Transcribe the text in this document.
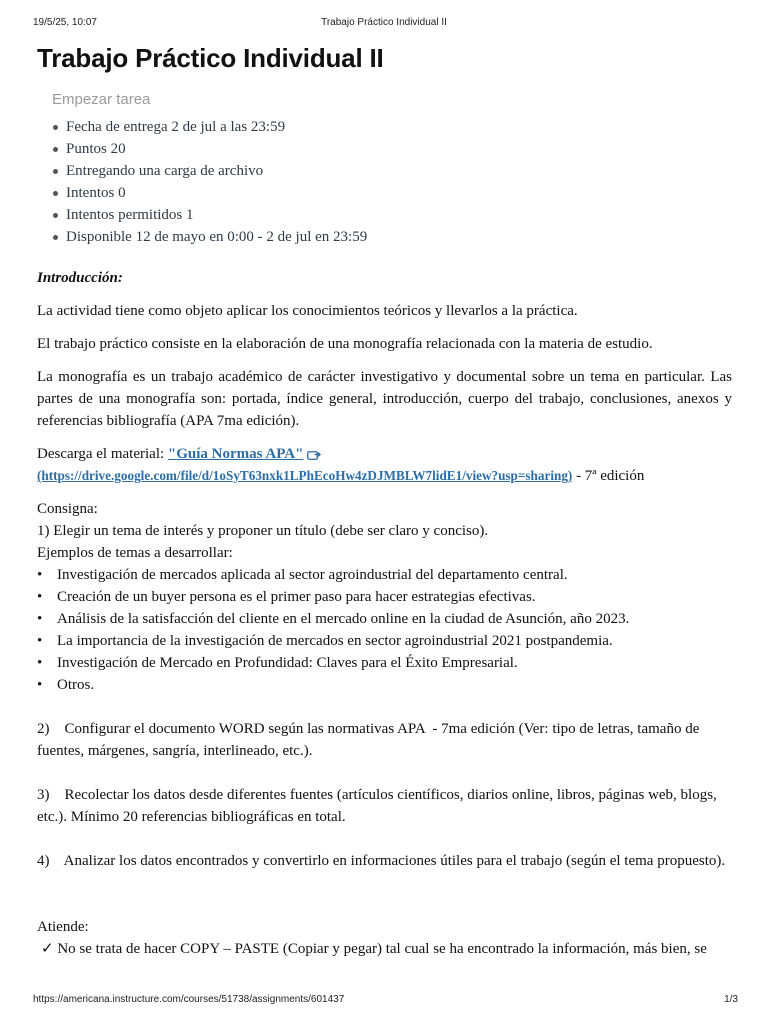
19/5/25, 10:07	Trabajo Práctico Individual II
Trabajo Práctico Individual II
Empezar tarea
Fecha de entrega 2 de jul a las 23:59
Puntos 20
Entregando una carga de archivo
Intentos 0
Intentos permitidos 1
Disponible 12 de mayo en 0:00 - 2 de jul en 23:59

Introducción:

La actividad tiene como objeto aplicar los conocimientos teóricos y llevarlos a la práctica.

El trabajo práctico consiste en la elaboración de una monografía relacionada con la materia de estudio.

La monografía es un trabajo académico de carácter investigativo y documental sobre un tema en particular. Las partes de una monografía son: portada, índice general, introducción, cuerpo del trabajo, conclusiones, anexos y referencias bibliografía (APA 7ma edición).

Descarga el material: "Guía Normas APA"
(https://drive.google.com/file/d/1oSyT63nxk1LPhEcoHw4zDJMBLW7lidE1/view?usp=sharing) - 7ª edición

Consigna:

1) Elegir un tema de interés y proponer un título (debe ser claro y conciso).

Ejemplos de temas a desarrollar:

• Investigación de mercados aplicada al sector agroindustrial del departamento central.
• Creación de un buyer persona es el primer paso para hacer estrategias efectivas.
• Análisis de la satisfacción del cliente en el mercado online en la ciudad de Asunción, año 2023.
• La importancia de la investigación de mercados en sector agroindustrial 2021 postpandemia.
• Investigación de Mercado en Profundidad: Claves para el Éxito Empresarial.
• Otros.

2)    Configurar el documento WORD según las normativas APA  - 7ma edición (Ver: tipo de letras, tamaño de fuentes, márgenes, sangría, interlineado, etc.).

3)    Recolectar los datos desde diferentes fuentes (artículos científicos, diarios online, libros, páginas web, blogs, etc.). Mínimo 20 referencias bibliográficas en total.

4)    Analizar los datos encontrados y convertirlo en informaciones útiles para el trabajo (según el tema propuesto).

Atiende:

✓ No se trata de hacer COPY – PASTE (Copiar y pegar) tal cual se ha encontrado la información, más bien, se

https://americana.instructure.com/courses/51738/assignments/601437	1/3
